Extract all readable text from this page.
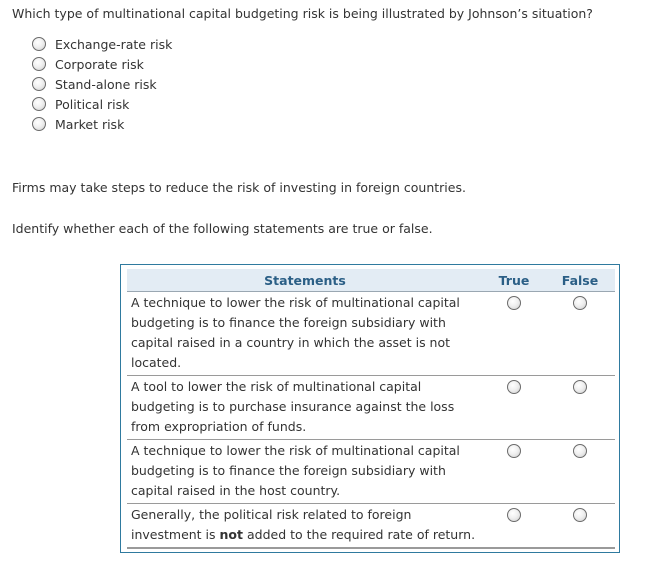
Which type of multinational capital budgeting risk is being illustrated by Johnson’s situation?

Exchange-rate risk
Corporate risk
Stand-alone risk
Political risk
Market risk

Firms may take steps to reduce the risk of investing in foreign countries.

Identify whether each of the following statements are true or false.

Statements	True	False

A technique to lower the risk of multinational capital budgeting is to finance the foreign subsidiary with capital raised in a country in which the asset is not located.		

A tool to lower the risk of multinational capital budgeting is to purchase insurance against the loss from expropriation of funds.		

A technique to lower the risk of multinational capital budgeting is to finance the foreign subsidiary with capital raised in the host country.		

Generally, the political risk related to foreign investment is not added to the required rate of return.		
